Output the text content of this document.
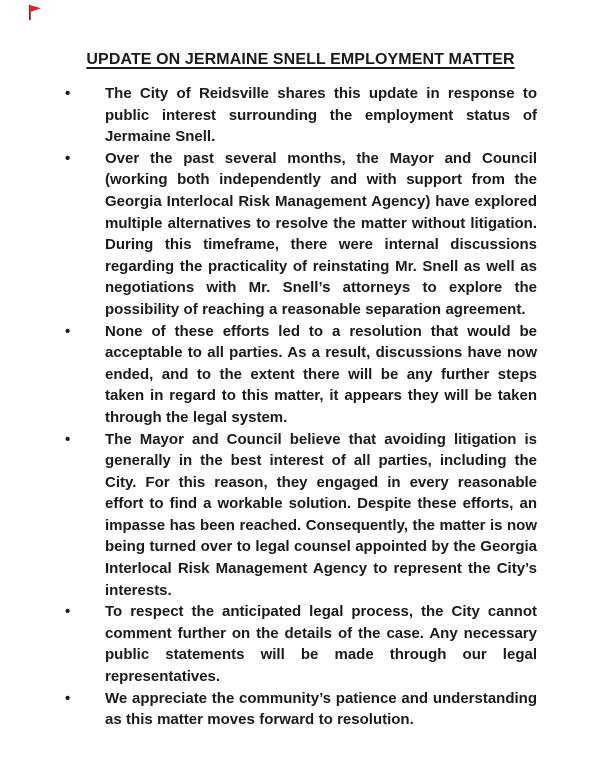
UPDATE ON JERMAINE SNELL EMPLOYMENT MATTER
•	The City of Reidsville shares this update in response to public interest surrounding the employment status of Jermaine Snell.
•	Over the past several months, the Mayor and Council (working both independently and with support from the Georgia Interlocal Risk Management Agency) have explored multiple alternatives to resolve the matter without litigation. During this timeframe, there were internal discussions regarding the practicality of reinstating Mr. Snell as well as negotiations with Mr. Snell’s attorneys to explore the possibility of reaching a reasonable separation agreement.
•	None of these efforts led to a resolution that would be acceptable to all parties. As a result, discussions have now ended, and to the extent there will be any further steps taken in regard to this matter, it appears they will be taken through the legal system.
•	The Mayor and Council believe that avoiding litigation is generally in the best interest of all parties, including the City. For this reason, they engaged in every reasonable effort to find a workable solution. Despite these efforts, an impasse has been reached. Consequently, the matter is now being turned over to legal counsel appointed by the Georgia Interlocal Risk Management Agency to represent the City’s interests.
•	To respect the anticipated legal process, the City cannot comment further on the details of the case. Any necessary public statements will be made through our legal representatives.
•	We appreciate the community’s patience and understanding as this matter moves forward to resolution.
